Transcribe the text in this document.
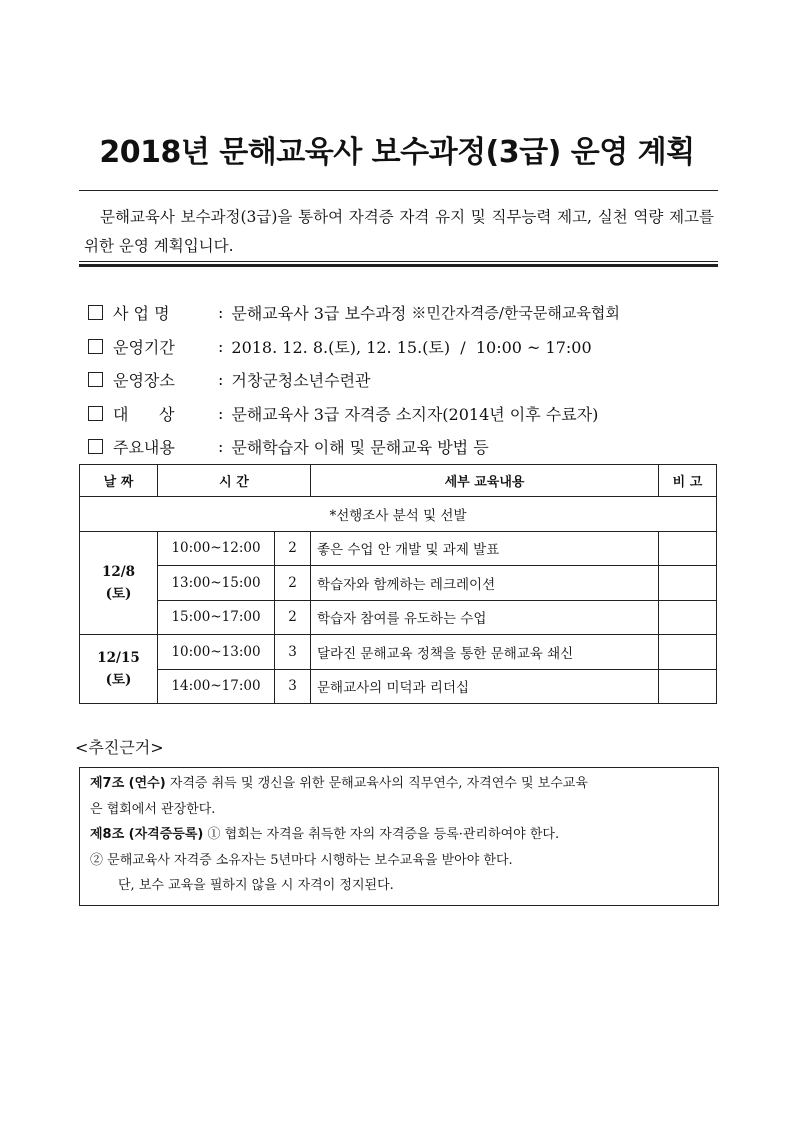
2018년 문해교육사 보수과정(3급) 운영 계획
문해교육사 보수과정(3급)을 통하여 자격증 자격 유지 및 직무능력 제고, 실천 역량 제고를 위한 운영 계획입니다.
사 업 명	: 문해교육사 3급 보수과정
※민간자격증/한국문해교육협회
운영기간	: 2018. 12. 8.(토), 12. 15.(토)  /  10:00 ~ 17:00
운영장소	: 거창군청소년수련관
대      상	: 문해교육사 3급 자격증 소지자(2014년 이후 수료자)
주요내용	: 문해학습자 이해 및 문해교육 방법 등
날 짜	시 간		세부 교육내용	비 고
*선행조사 분석 및 선발				
12/8
(토)	10:00~12:00	2	좋은 수업 안 개발 및 과제 발표	
	13:00~15:00	2	학습자와 함께하는 레크레이션	
	15:00~17:00	2	학습자 참여를 유도하는 수업	
12/15
(토)	10:00~13:00	3	달라진 문해교육 정책을 통한 문해교육 쇄신	
	14:00~17:00	3	문해교사의 미덕과 리더십	
<추진근거>
제7조 (연수) 자격증 취득 및 갱신을 위한 문해교육사의 직무연수, 자격연수 및 보수교육
은 협회에서 관장한다.
제8조 (자격증등록) ① 협회는 자격을 취득한 자의 자격증을 등록·관리하여야 한다.
② 문해교육사 자격증 소유자는 5년마다 시행하는 보수교육을 받아야 한다.
단, 보수 교육을 필하지 않을 시 자격이 정지된다.
